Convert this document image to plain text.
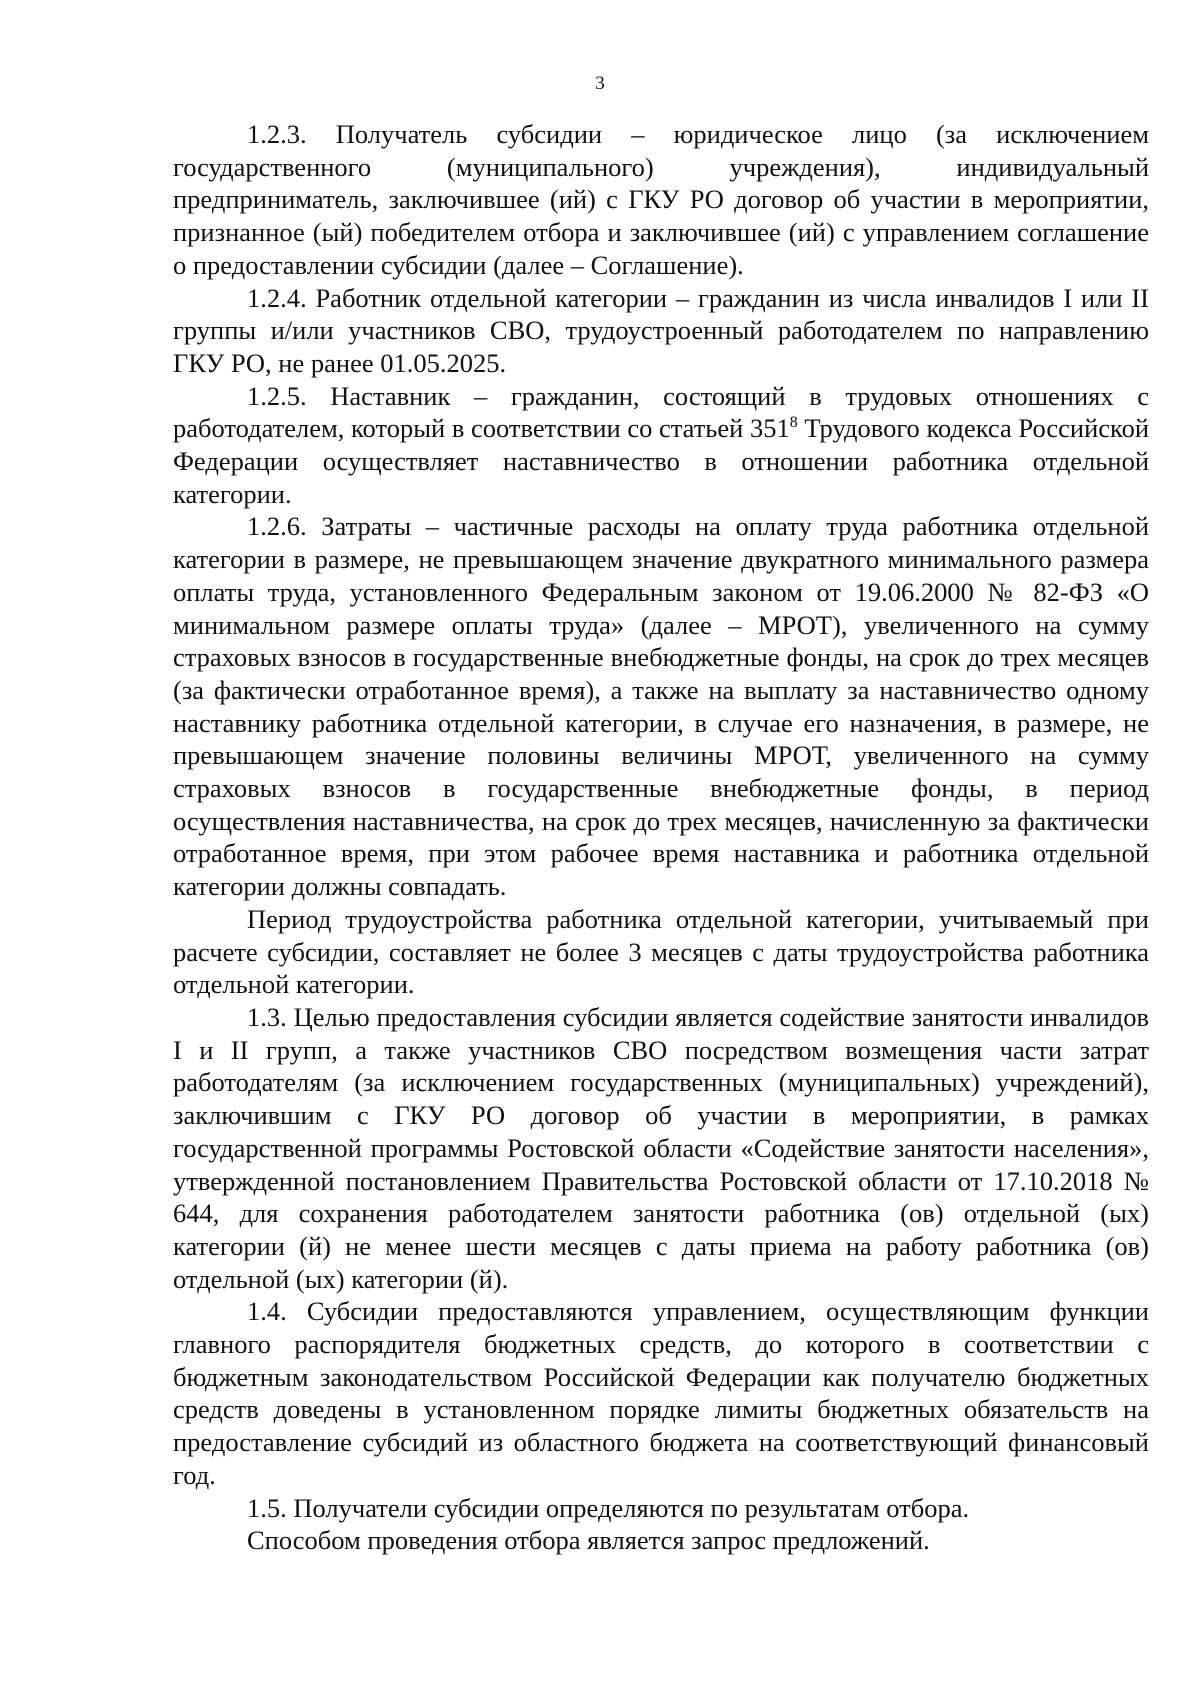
3

1.2.3. Получатель субсидии – юридическое лицо (за исключением государственного (муниципального) учреждения), индивидуальный предприниматель, заключившее (ий) с ГКУ РО договор об участии в мероприятии, признанное (ый) победителем отбора и заключившее (ий) с управлением соглашение о предоставлении субсидии (далее – Соглашение).

1.2.4. Работник отдельной категории – гражданин из числа инвалидов I или II группы и/или участников СВО, трудоустроенный работодателем по направлению ГКУ РО, не ранее 01.05.2025.

1.2.5. Наставник – гражданин, состоящий в трудовых отношениях с работодателем, который в соответствии со статьей $351^8$ Трудового кодекса Российской Федерации осуществляет наставничество в отношении работника отдельной категории.

1.2.6. Затраты – частичные расходы на оплату труда работника отдельной категории в размере, не превышающем значение двукратного минимального размера оплаты труда, установленного Федеральным законом от 19.06.2000 № 82-ФЗ «О минимальном размере оплаты труда» (далее – МРОТ), увеличенного на сумму страховых взносов в государственные внебюджетные фонды, на срок до трех месяцев (за фактически отработанное время), а также на выплату за наставничество одному наставнику работника отдельной категории, в случае его назначения, в размере, не превышающем значение половины величины МРОТ, увеличенного на сумму страховых взносов в государственные внебюджетные фонды, в период осуществления наставничества, на срок до трех месяцев, начисленную за фактически отработанное время, при этом рабочее время наставника и работника отдельной категории должны совпадать.

Период трудоустройства работника отдельной категории, учитываемый при расчете субсидии, составляет не более 3 месяцев с даты трудоустройства работника отдельной категории.

1.3. Целью предоставления субсидии является содействие занятости инвалидов I и II групп, а также участников СВО посредством возмещения части затрат работодателям (за исключением государственных (муниципальных) учреждений), заключившим с ГКУ РО договор об участии в мероприятии, в рамках государственной программы Ростовской области «Содействие занятости населения», утвержденной постановлением Правительства Ростовской области от 17.10.2018 № 644, для сохранения работодателем занятости работника (ов) отдельной (ых) категории (й) не менее шести месяцев с даты приема на работу работника (ов) отдельной (ых) категории (й).

1.4. Субсидии предоставляются управлением, осуществляющим функции главного распорядителя бюджетных средств, до которого в соответствии с бюджетным законодательством Российской Федерации как получателю бюджетных средств доведены в установленном порядке лимиты бюджетных обязательств на предоставление субсидий из областного бюджета на соответствующий финансовый год.

1.5. Получатели субсидии определяются по результатам отбора.

Способом проведения отбора является запрос предложений.
